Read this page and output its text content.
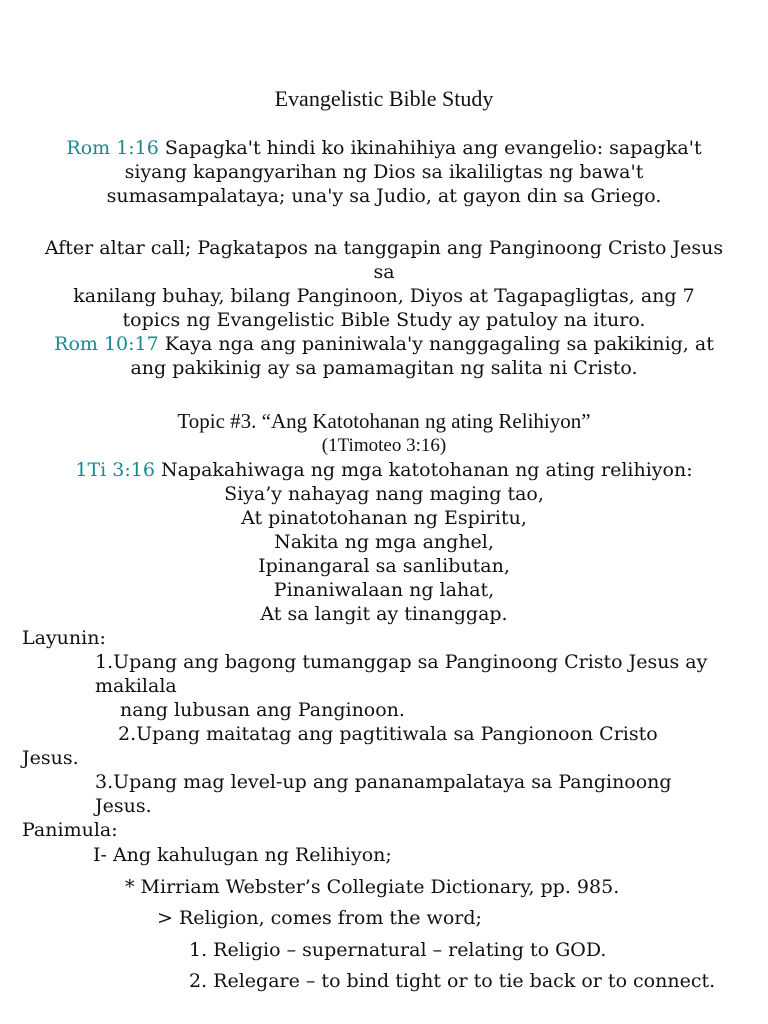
Evangelistic Bible Study
Rom 1:16 Sapagka't hindi ko ikinahihiya ang evangelio: sapagka't
siyang kapangyarihan ng Dios sa ikaliligtas ng bawa't
sumasampalataya; una'y sa Judio, at gayon din sa Griego.
After altar call; Pagkatapos na tanggapin ang Panginoong Cristo Jesus
sa
kanilang buhay, bilang Panginoon, Diyos at Tagapagligtas, ang 7
topics ng Evangelistic Bible Study ay patuloy na ituro.
Rom 10:17 Kaya nga ang paniniwala'y nanggagaling sa pakikinig, at
ang pakikinig ay sa pamamagitan ng salita ni Cristo.
Topic #3. “Ang Katotohanan ng ating Relihiyon”
(1Timoteo 3:16)
1Ti 3:16 Napakahiwaga ng mga katotohanan ng ating relihiyon:
Siya’y nahayag nang maging tao,
At pinatotohanan ng Espiritu,
Nakita ng mga anghel,
Ipinangaral sa sanlibutan,
Pinaniwalaan ng lahat,
At sa langit ay tinanggap.
Layunin:
1.Upang ang bagong tumanggap sa Panginoong Cristo Jesus ay
makilala
nang lubusan ang Panginoon.
2.Upang maitatag ang pagtitiwala sa Pangionoon Cristo
Jesus.
3.Upang mag level-up ang pananampalataya sa Panginoong
Jesus.
Panimula:
I- Ang kahulugan ng Relihiyon;
* Mirriam Webster’s Collegiate Dictionary, pp. 985.
> Religion, comes from the word;
1. Religio – supernatural – relating to GOD.
2. Relegare – to bind tight or to tie back or to connect.
